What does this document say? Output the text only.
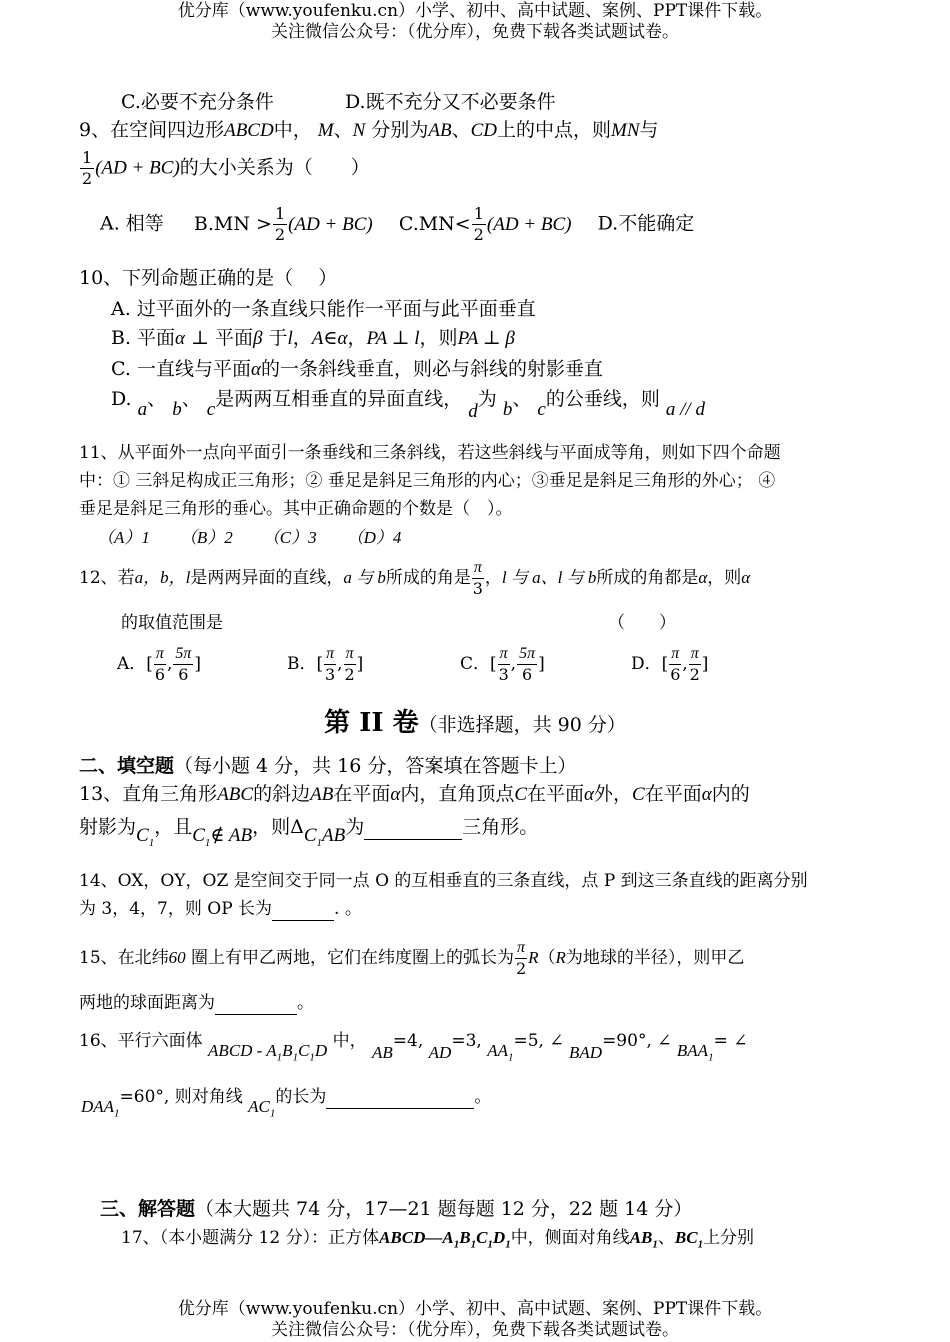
优分库（www.youfenku.cn）小学、初中、高中试题、案例、PPT课件下载。
关注微信公众号：（优分库），免费下载各类试题试卷。
C.必要不充分条件	D.既不充分又不必要条件
9、在空间四边形ABCD中， M、N 分别为AB、CD上的中点，则MN与
$\frac{1}{2} (AD + BC)$的大小关系为（　　）
A. 相等 $B.MN > \frac{1}{2} (AD + BC)$ $C.MN< \frac{1}{2} (AD + BC)$ D.不能确定
10、下列命题正确的是（　 ）
A. 过平面外的一条直线只能作一平面与此平面垂直
B. 平面α ⊥ 平面β 于l，A∈α，PA ⊥ l，则PA ⊥ β
C. 一直线与平面α的一条斜线垂直，则必与斜线的射影垂直
D. a、 b、 c是两两互相垂直的异面直线， d为 b、 c的公垂线，则 a // d
11、从平面外一点向平面引一条垂线和三条斜线，若这些斜线与平面成等角，则如下四个命题
中：① 三斜足构成正三角形；② 垂足是斜足三角形的内心；③垂足是斜足三角形的外心； ④
垂足是斜足三角形的垂心。其中正确命题的个数是（　）。
（A）1 （B）2 （C）3 （D）4
12、若a，b，l是两两异面的直线，a 与 b所成的角是 $\frac{\pi}{3}$ ，l 与 a、l 与 b所成的角都是α，则α
的取值范围是	（　　）
A．[ $\frac{\pi}{6}$ , $\frac{5\pi}{6}$ ]	B．[ $\frac{\pi}{3}$ , $\frac{\pi}{2}$ ]	C．[ $\frac{\pi}{3}$ , $\frac{5\pi}{6}$ ]	D．[ $\frac{\pi}{6}$ , $\frac{\pi}{2}$ ]
第 II 卷（非选择题，共 90 分）
二、填空题（每小题 4 分，共 16 分，答案填在答题卡上）
13、直角三角形ABC的斜边AB在平面α内，直角顶点C在平面α外，C在平面α内的
射影为$C_1$，且$C_1\notin$ AB，则$\Delta C_1AB$为	三角形。
14、OX，OY，OZ 是空间交于同一点 O 的互相垂直的三条直线，点 P 到这三条直线的距离分别
为 3，4，7，则 OP 长为	. 。
15、在北纬60 圈上有甲乙两地，它们在纬度圈上的弧长为 $\frac{\pi}{2} R(R$为地球的半径），则甲乙
两地的球面距离为	。
16、平行六面体 ABCD - $A_1B_1C_1D$ 中， AB=4, AD=3, $AA_1=5$, ∠ BAD=90°, ∠ $BAA_1=$ ∠
$DAA_1=60^\circ$, 则对角线 $AC_1$的长为	。
三、解答题（本大题共 74 分，17—21 题每题 12 分，22 题 14 分）
17、（本小题满分 12 分）：正方体$ABCD—A_1B_1C_1D_1$中，侧面对角线$AB_1$、$BC_1$上分别
优分库（www.youfenku.cn）小学、初中、高中试题、案例、PPT课件下载。
关注微信公众号：（优分库），免费下载各类试题试卷。
